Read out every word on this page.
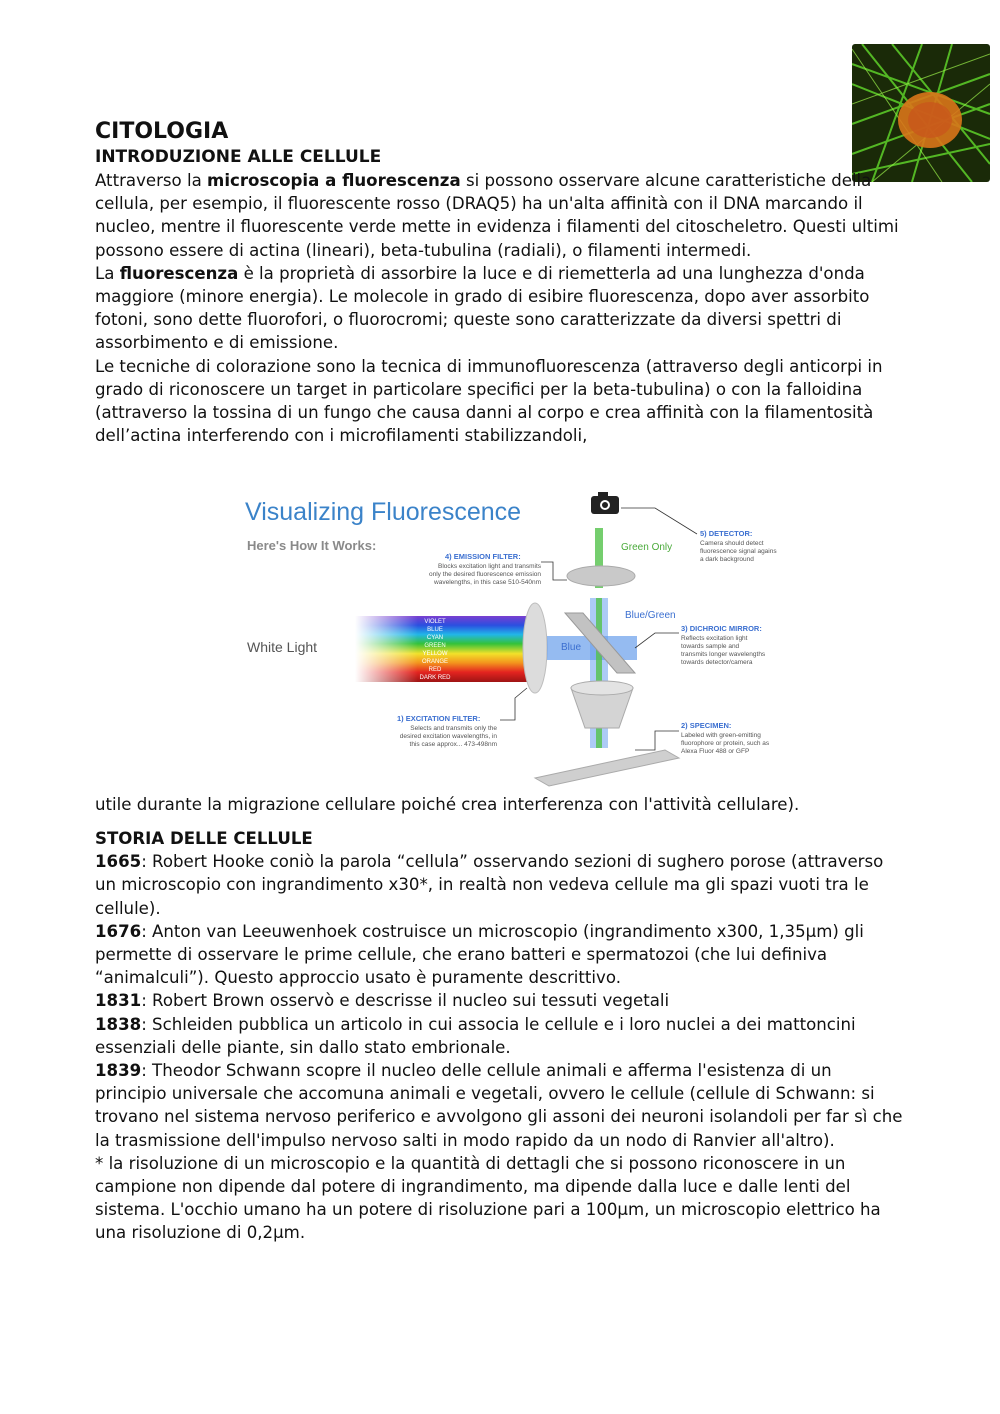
CITOLOGIA

INTRODUZIONE ALLE CELLULE

Attraverso la microscopia a fluorescenza si possono osservare alcune caratteristiche della cellula, per esempio, il fluorescente rosso (DRAQ5) ha un'alta affinità con il DNA marcando il nucleo, mentre il fluorescente verde mette in evidenza i filamenti del citoscheletro. Questi ultimi possono essere di actina (lineari), beta-tubulina (radiali), o filamenti intermedi.

La fluorescenza è la proprietà di assorbire la luce e di riemetterla ad una lunghezza d'onda maggiore (minore energia). Le molecole in grado di esibire fluorescenza, dopo aver assorbito fotoni, sono dette fluorofori, o fluorocromi; queste sono caratterizzate da diversi spettri di assorbimento e di emissione.

Le tecniche di colorazione sono la tecnica di immunofluorescenza (attraverso degli anticorpi in grado di riconoscere un target in particolare specifici per la beta-tubulina) o con la falloidina (attraverso la tossina di un fungo che causa danni al corpo e crea affinità con la filamentosità dell’actina interferendo con i microfilamenti stabilizzandoli,

Visualizing Fluorescence
Here's How It Works:
VIOLET
BLUE
CYAN
GREEN
YELLOW
ORANGE
RED
DARK RED
White Light	Blue
Green Only
Blue/Green
5) DETECTOR:
3) DICHROIC MIRROR:
2) SPECIMEN:
4) EMISSION FILTER:
1) EXCITATION FILTER:
Camera should detect
fluorescence signal agains
a dark background
Reflects excitation light
towards sample and
transmits longer wavelengths
towards detector/camera
Labeled with green-emitting
fluorophore or protein, such as
Alexa Fluor 488 or GFP
Blocks excitation light and transmits
only the desired fluorescence emission
wavelengths, in this case 510-540nm
Selects and transmits only the
desired excitation wavelengths, in
this case approx... 473-498nm

utile durante la migrazione cellulare poiché crea interferenza con l'attività cellulare).

STORIA DELLE CELLULE

1665: Robert Hooke coniò la parola “cellula” osservando sezioni di sughero porose (attraverso un microscopio con ingrandimento x30*, in realtà non vedeva cellule ma gli spazi vuoti tra le cellule).

1676: Anton van Leeuwenhoek costruisce un microscopio (ingrandimento x300, 1,35μm) gli permette di osservare le prime cellule, che erano batteri e spermatozoi (che lui definiva “animalculi”). Questo approccio usato è puramente descrittivo.

1831: Robert Brown osservò e descrisse il nucleo sui tessuti vegetali

1838: Schleiden pubblica un articolo in cui associa le cellule e i loro nuclei a dei mattoncini essenziali delle piante, sin dallo stato embrionale.

1839: Theodor Schwann scopre il nucleo delle cellule animali e afferma l'esistenza di un principio universale che accomuna animali e vegetali, ovvero le cellule (cellule di Schwann: si trovano nel sistema nervoso periferico e avvolgono gli assoni dei neuroni isolandoli per far sì che la trasmissione dell'impulso nervoso salti in modo rapido da un nodo di Ranvier all'altro).

* la risoluzione di un microscopio e la quantità di dettagli che si possono riconoscere in un campione non dipende dal potere di ingrandimento, ma dipende dalla luce e dalle lenti del sistema. L'occhio umano ha un potere di risoluzione pari a 100μm, un microscopio elettrico ha una risoluzione di 0,2μm.
